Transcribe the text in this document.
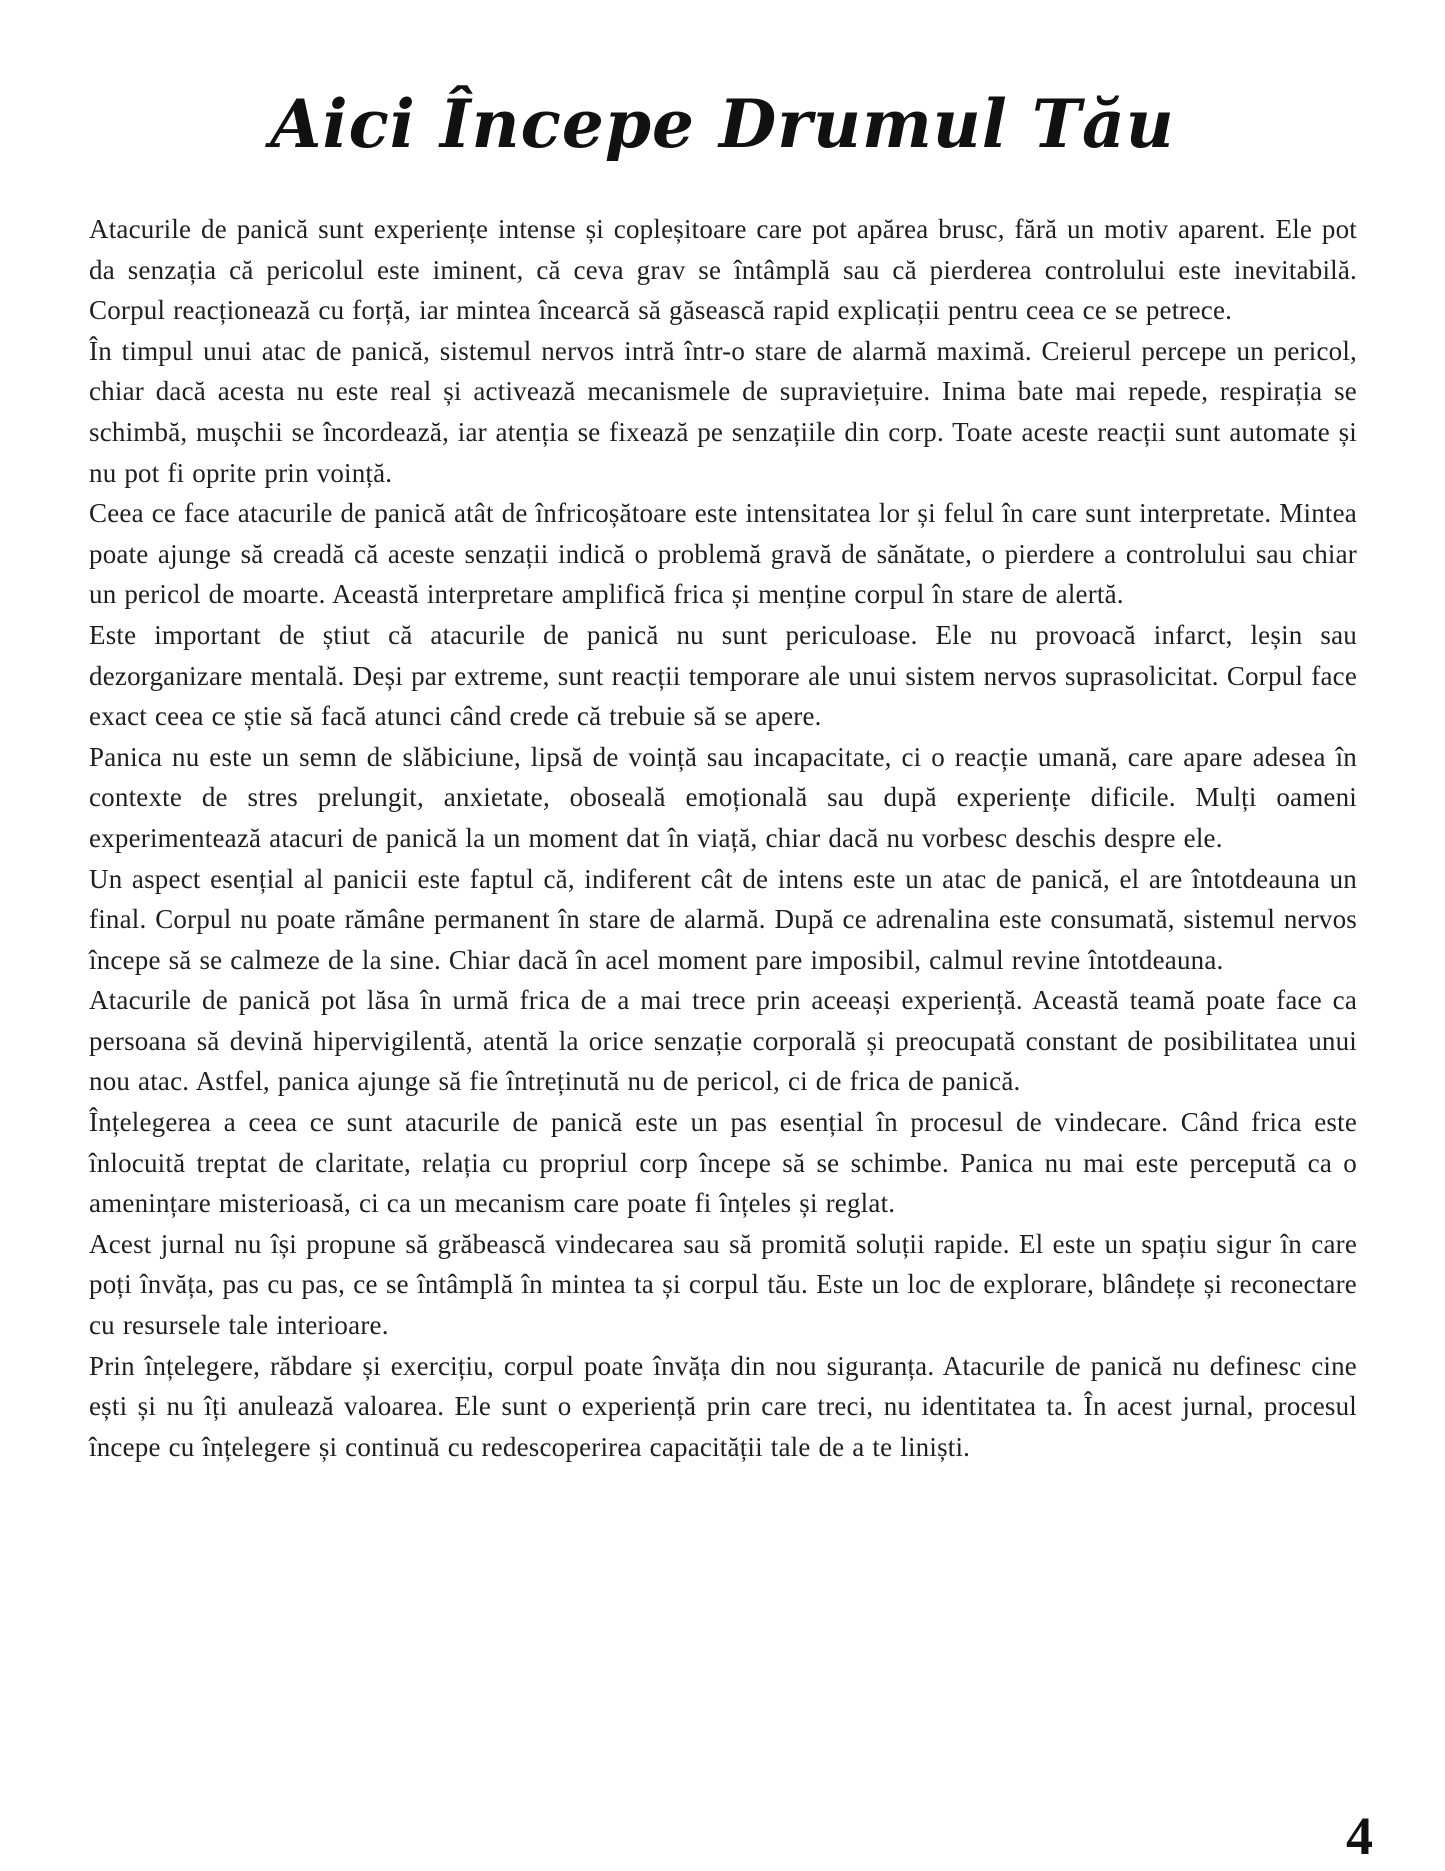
Aici Începe Drumul Tău

Atacurile de panică sunt experiențe intense și copleșitoare care pot apărea brusc, fără un motiv aparent. Ele pot da senzația că pericolul este iminent, că ceva grav se întâmplă sau că pierderea controlului este inevitabilă. Corpul reacționează cu forță, iar mintea încearcă să găsească rapid explicații pentru ceea ce se petrece.

În timpul unui atac de panică, sistemul nervos intră într-o stare de alarmă maximă. Creierul percepe un pericol, chiar dacă acesta nu este real și activează mecanismele de supraviețuire. Inima bate mai repede, respirația se schimbă, mușchii se încordează, iar atenția se fixează pe senzațiile din corp. Toate aceste reacții sunt automate și nu pot fi oprite prin voință.

Ceea ce face atacurile de panică atât de înfricoșătoare este intensitatea lor și felul în care sunt interpretate. Mintea poate ajunge să creadă că aceste senzații indică o problemă gravă de sănătate, o pierdere a controlului sau chiar un pericol de moarte. Această interpretare amplifică frica și menține corpul în stare de alertă.

Este important de știut că atacurile de panică nu sunt periculoase. Ele nu provoacă infarct, leșin sau dezorganizare mentală. Deși par extreme, sunt reacții temporare ale unui sistem nervos suprasolicitat. Corpul face exact ceea ce știe să facă atunci când crede că trebuie să se apere.

Panica nu este un semn de slăbiciune, lipsă de voință sau incapacitate, ci o reacție umană, care apare adesea în contexte de stres prelungit, anxietate, oboseală emoțională sau după experiențe dificile. Mulți oameni experimentează atacuri de panică la un moment dat în viață, chiar dacă nu vorbesc deschis despre ele.

Un aspect esențial al panicii este faptul că, indiferent cât de intens este un atac de panică, el are întotdeauna un final. Corpul nu poate rămâne permanent în stare de alarmă. După ce adrenalina este consumată, sistemul nervos începe să se calmeze de la sine. Chiar dacă în acel moment pare imposibil, calmul revine întotdeauna.

Atacurile de panică pot lăsa în urmă frica de a mai trece prin aceeași experiență. Această teamă poate face ca persoana să devină hipervigilentă, atentă la orice senzație corporală și preocupată constant de posibilitatea unui nou atac. Astfel, panica ajunge să fie întreținută nu de pericol, ci de frica de panică.

Înțelegerea a ceea ce sunt atacurile de panică este un pas esențial în procesul de vindecare. Când frica este înlocuită treptat de claritate, relația cu propriul corp începe să se schimbe. Panica nu mai este percepută ca o amenințare misterioasă, ci ca un mecanism care poate fi înțeles și reglat.

Acest jurnal nu își propune să grăbească vindecarea sau să promită soluții rapide. El este un spațiu sigur în care poți învăța, pas cu pas, ce se întâmplă în mintea ta și corpul tău. Este un loc de explorare, blândețe și reconectare cu resursele tale interioare.

Prin înțelegere, răbdare și exercițiu, corpul poate învăța din nou siguranța. Atacurile de panică nu definesc cine ești și nu îți anulează valoarea. Ele sunt o experiență prin care treci, nu identitatea ta. În acest jurnal, procesul începe cu înțelegere și continuă cu redescoperirea capacității tale de a te liniști.

4
